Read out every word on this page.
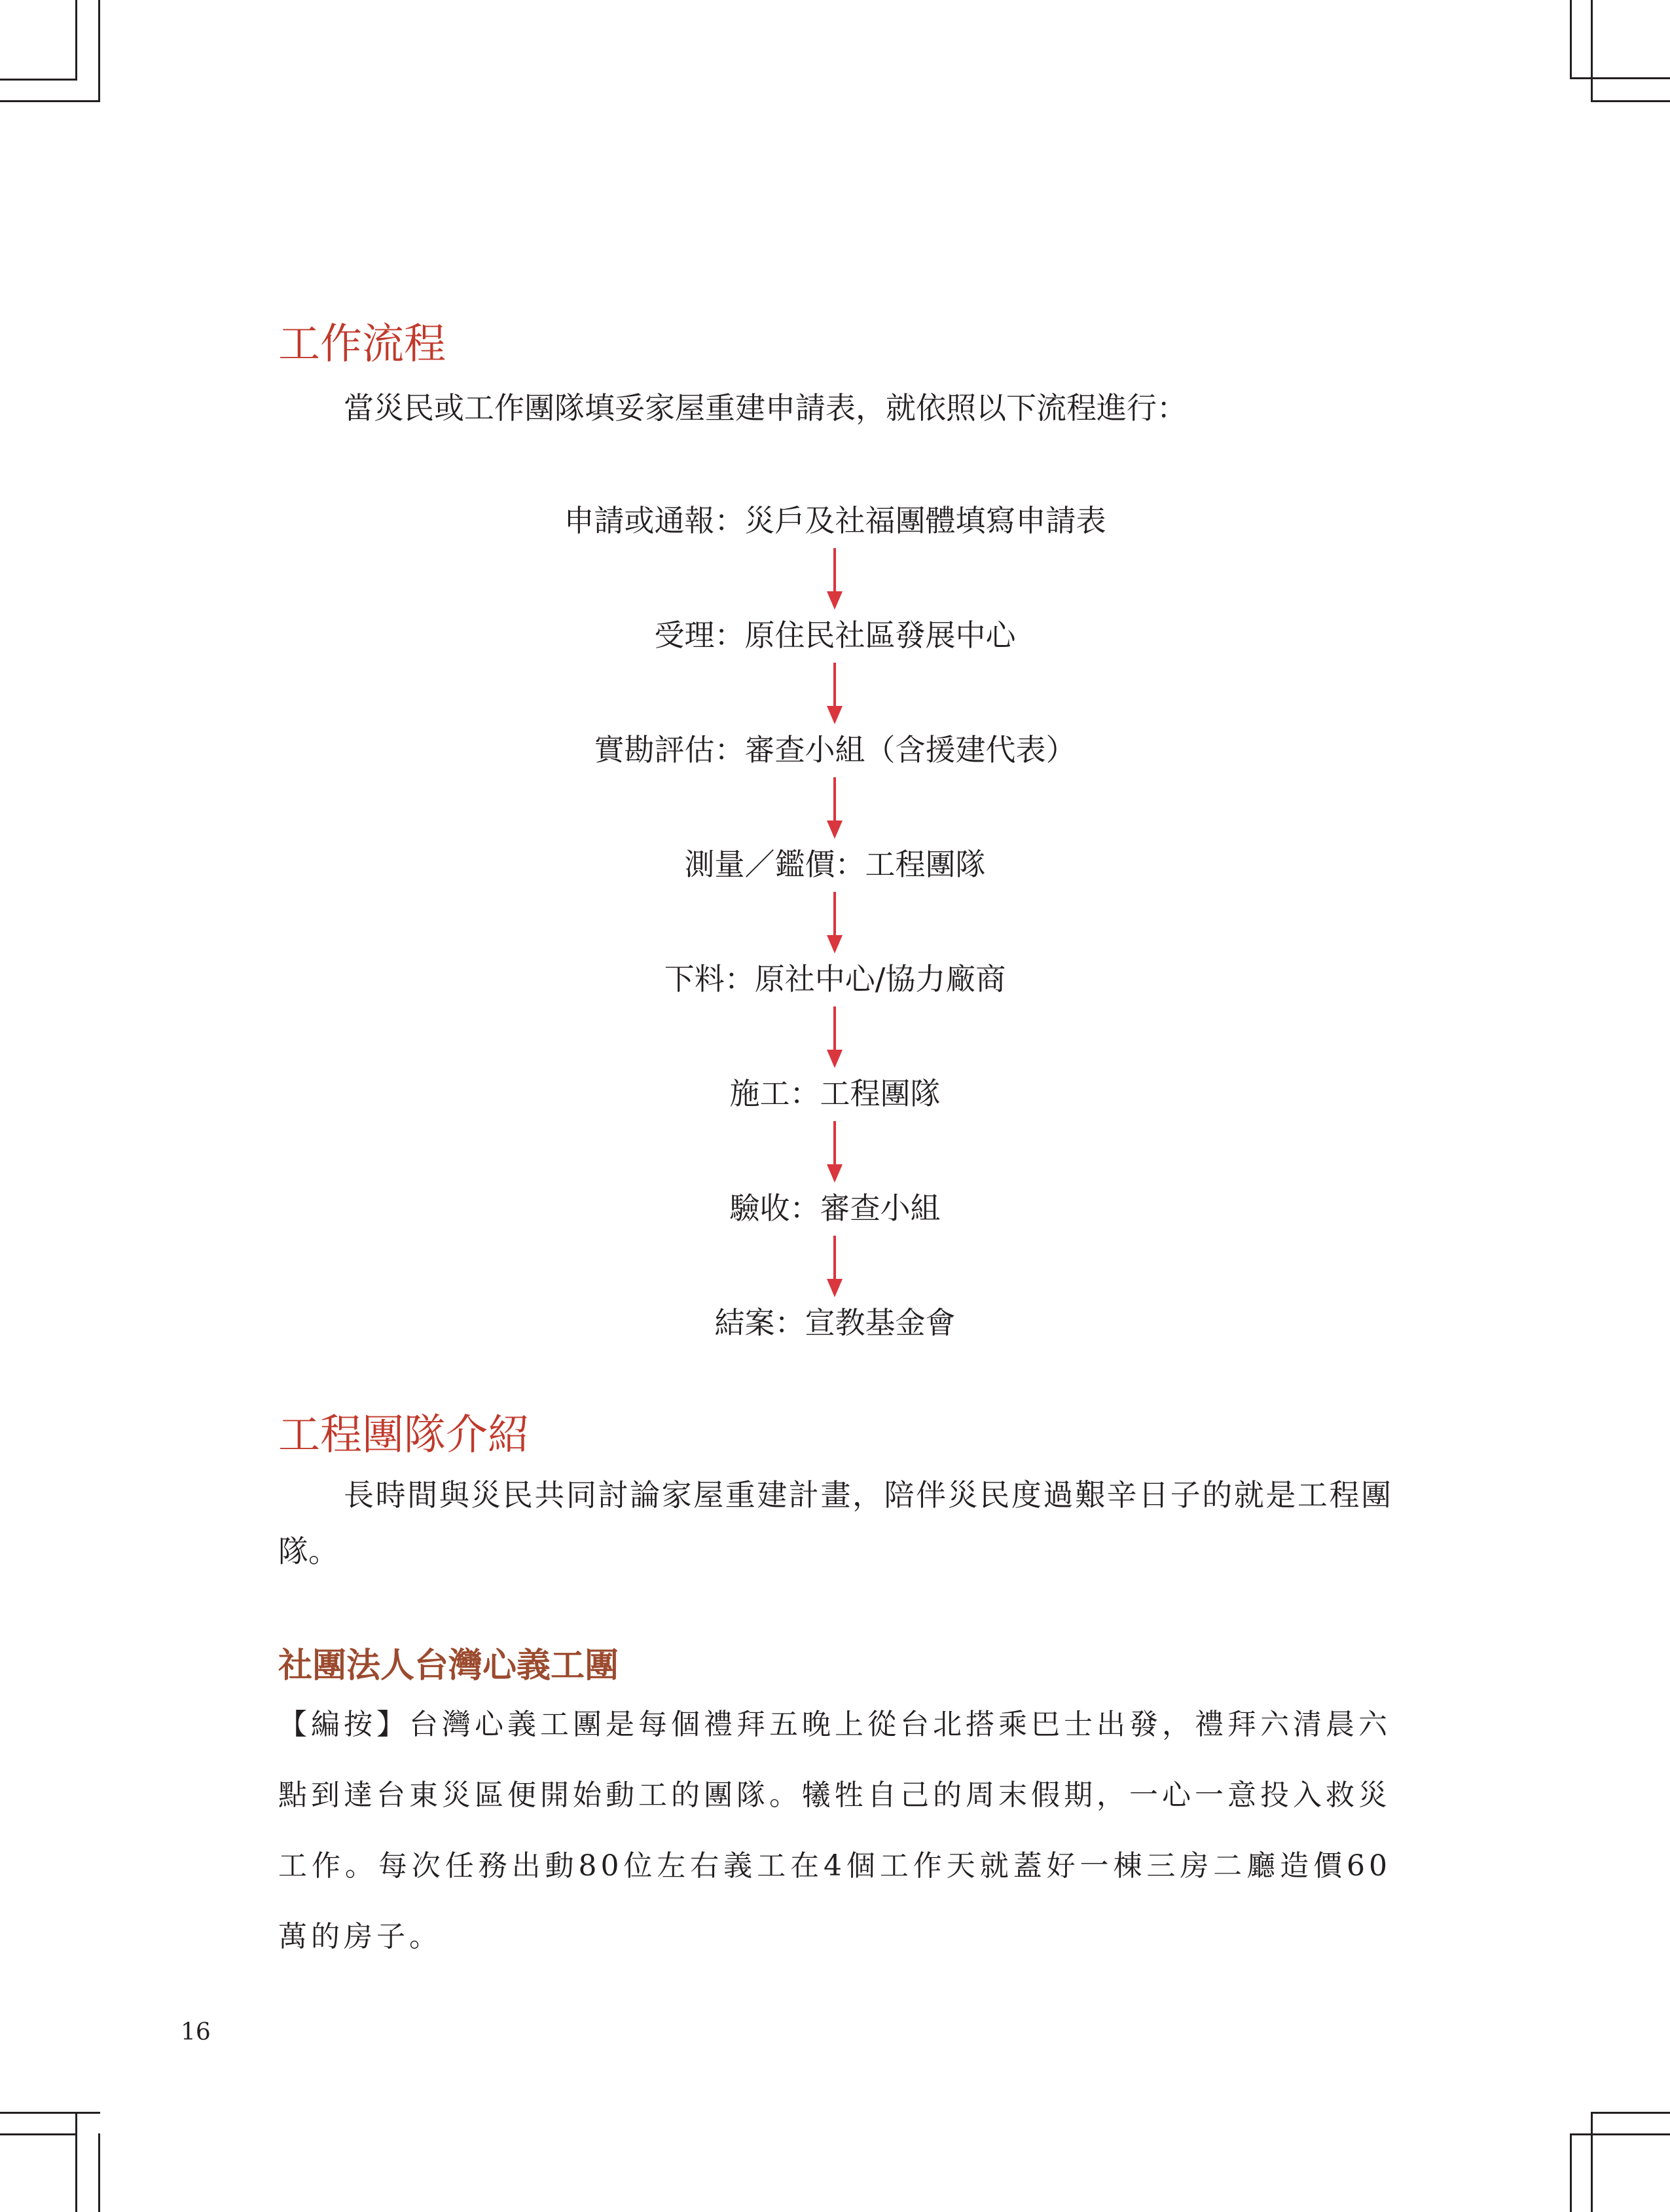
工作流程

當災民或工作團隊填妥家屋重建申請表，就依照以下流程進行：

申請或通報：災戶及社福團體填寫申請表
受理：原住民社區發展中心
實勘評估：審查小組（含援建代表）
測量／鑑價：工程團隊
下料：原社中心/協力廠商
施工：工程團隊
驗收：審查小組
結案：宣教基金會
工程團隊介紹

長時間與災民共同討論家屋重建計畫，陪伴災民度過艱辛日子的就是工程團隊。

社團法人台灣心義工團

【編按】台灣心義工團是每個禮拜五晚上從台北搭乘巴士出發，禮拜六清晨六點到達台東災區便開始動工的團隊。犧牲自己的周末假期，一心一意投入救災工作。每次任務出動80位左右義工在4個工作天就蓋好一棟三房二廳造價60萬的房子。

16
